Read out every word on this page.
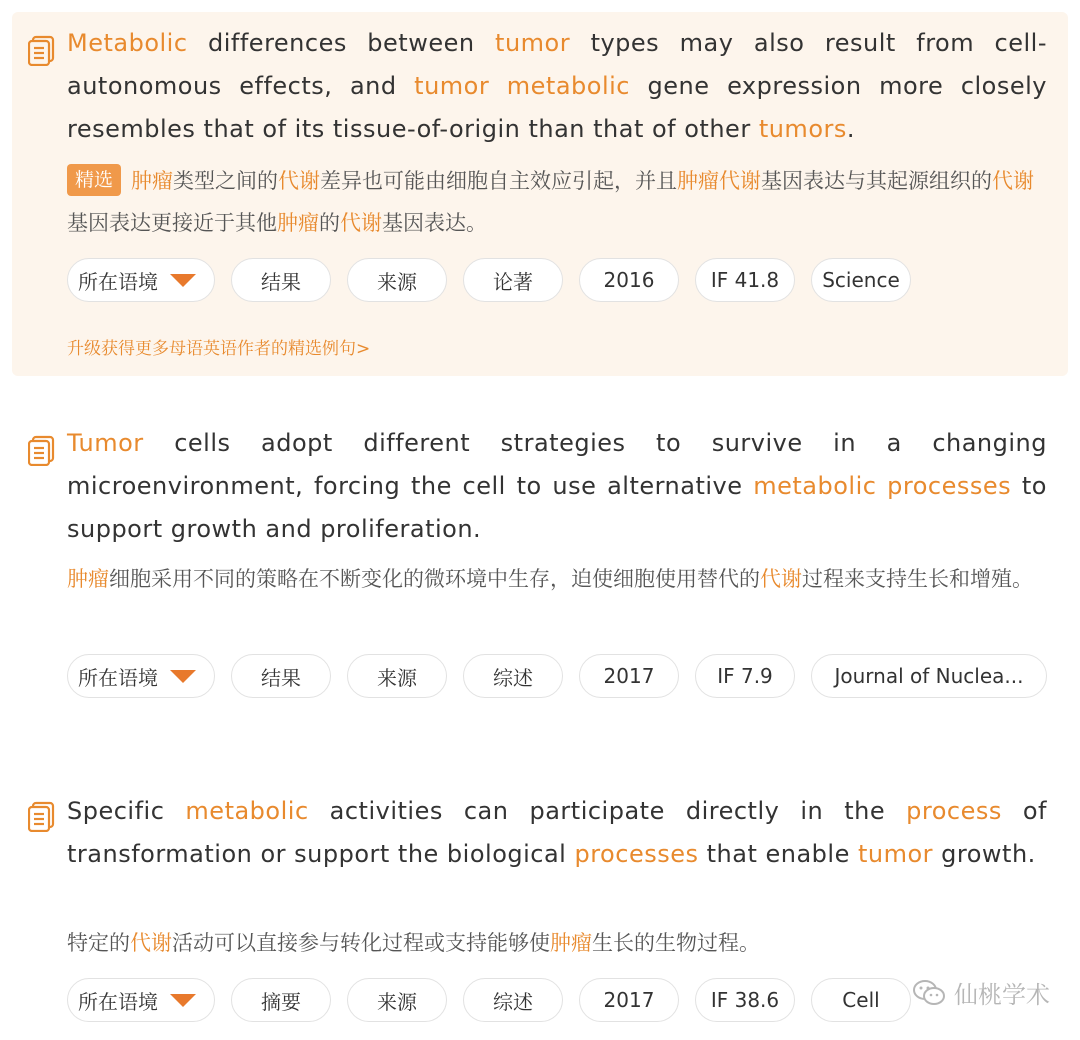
Metabolic differences between tumor types may also result from cell-autonomous effects, and tumor metabolic gene expression more closely resembles that of its tissue-of-origin than that of other tumors.

精选 肿瘤类型之间的代谢差异也可能由细胞自主效应引起，并且肿瘤代谢基因表达与其起源组织的代谢基因表达更接近于其他肿瘤的代谢基因表达。

所在语境	结果	来源	论著	2016	IF 41.8	Science
升级获得更多母语英语作者的精选例句>

Tumor cells adopt different strategies to survive in a changing microenvironment, forcing the cell to use alternative metabolic processes to support growth and proliferation.

肿瘤细胞采用不同的策略在不断变化的微环境中生存，迫使细胞使用替代的代谢过程来支持生长和增殖。

所在语境	结果	来源	综述	2017	IF 7.9	Journal of Nuclea...

Specific metabolic activities can participate directly in the process of transformation or support the biological processes that enable tumor growth.

特定的代谢活动可以直接参与转化过程或支持能够使肿瘤生长的生物过程。

所在语境	摘要	来源	综述	2017	IF 38.6	Cell	仙桃学术
